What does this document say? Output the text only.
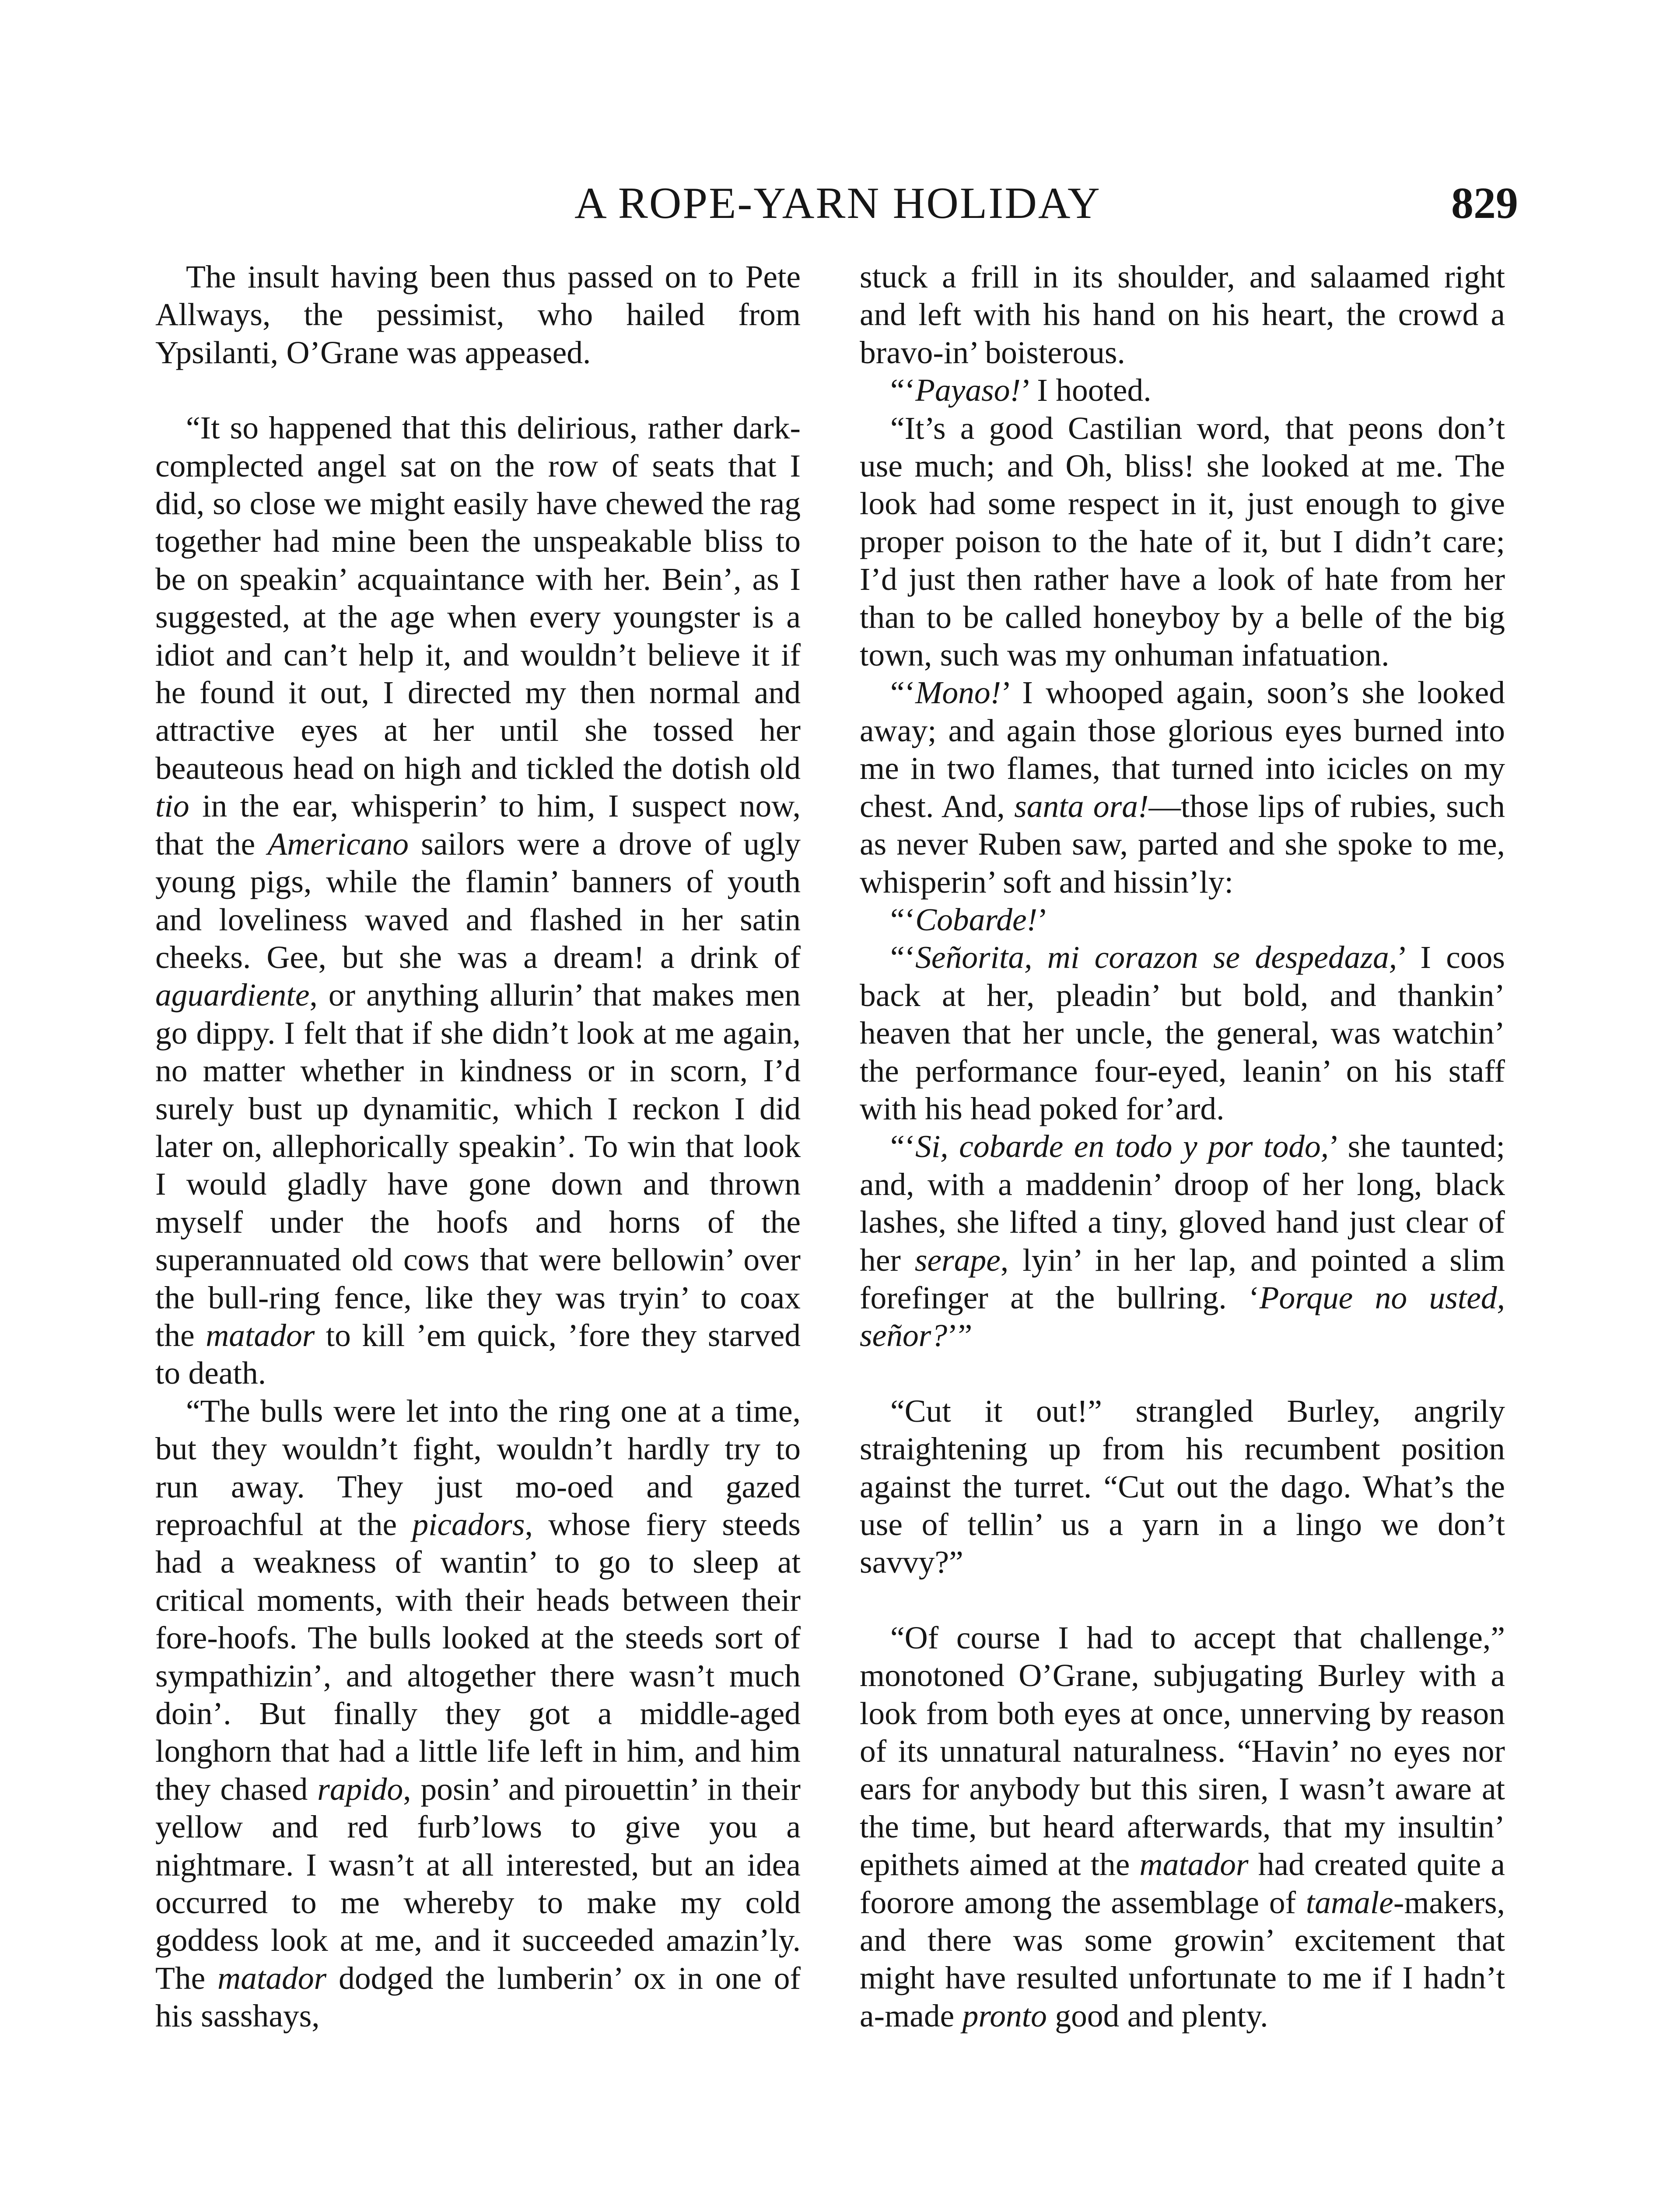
A ROPE-YARN HOLIDAY	829

The insult having been thus passed on to Pete Allways, the pessimist, who hailed from Ypsilanti, O’Grane was appeased.

“It so happened that this delirious, rather dark-complected angel sat on the row of seats that I did, so close we might easily have chewed the rag together had mine been the unspeakable bliss to be on speakin’ acquaintance with her. Bein’, as I suggested, at the age when every youngster is a idiot and can’t help it, and wouldn’t believe it if he found it out, I directed my then normal and attractive eyes at her until she tossed her beauteous head on high and tickled the dotish old tio in the ear, whisperin’ to him, I suspect now, that the Americano sailors were a drove of ugly young pigs, while the flamin’ banners of youth and loveliness waved and flashed in her satin cheeks. Gee, but she was a dream! a drink of aguardiente, or anything allurin’ that makes men go dippy. I felt that if she didn’t look at me again, no matter whether in kindness or in scorn, I’d surely bust up dynamitic, which I reckon I did later on, allephorically speakin’. To win that look I would gladly have gone down and thrown myself under the hoofs and horns of the superannuated old cows that were bellowin’ over the bull-ring fence, like they was tryin’ to coax the matador to kill ’em quick, ’fore they starved to death.

“The bulls were let into the ring one at a time, but they wouldn’t fight, wouldn’t hardly try to run away. They just mo-oed and gazed reproachful at the picadors, whose fiery steeds had a weakness of wantin’ to go to sleep at critical moments, with their heads between their fore-hoofs. The bulls looked at the steeds sort of sympathizin’, and altogether there wasn’t much doin’. But finally they got a middle-aged longhorn that had a little life left in him, and him they chased rapido, posin’ and pirouettin’ in their yellow and red furb’lows to give you a nightmare. I wasn’t at all interested, but an idea occurred to me whereby to make my cold goddess look at me, and it succeeded amazin’ly. The matador dodged the lumberin’ ox in one of his sasshays,

stuck a frill in its shoulder, and salaamed right and left with his hand on his heart, the crowd a bravo-in’ boisterous.

“‘Payaso!’ I hooted.

“It’s a good Castilian word, that peons don’t use much; and Oh, bliss! she looked at me. The look had some respect in it, just enough to give proper poison to the hate of it, but I didn’t care; I’d just then rather have a look of hate from her than to be called honeyboy by a belle of the big town, such was my onhuman infatuation.

“‘Mono!’ I whooped again, soon’s she looked away; and again those glorious eyes burned into me in two flames, that turned into icicles on my chest. And, santa ora!—those lips of rubies, such as never Ruben saw, parted and she spoke to me, whisperin’ soft and hissin’ly:

“‘Cobarde!’

“‘Señorita, mi corazon se despedaza,’ I coos back at her, pleadin’ but bold, and thankin’ heaven that her uncle, the general, was watchin’ the performance four-eyed, leanin’ on his staff with his head poked for’ard.

“‘Si, cobarde en todo y por todo,’ she taunted; and, with a maddenin’ droop of her long, black lashes, she lifted a tiny, gloved hand just clear of her serape, lyin’ in her lap, and pointed a slim forefinger at the bullring. ‘Porque no usted, señor?’”

“Cut it out!” strangled Burley, angrily straightening up from his recumbent position against the turret. “Cut out the dago. What’s the use of tellin’ us a yarn in a lingo we don’t savvy?”

“Of course I had to accept that challenge,” monotoned O’Grane, subjugating Burley with a look from both eyes at once, unnerving by reason of its unnatural naturalness. “Havin’ no eyes nor ears for anybody but this siren, I wasn’t aware at the time, but heard afterwards, that my insultin’ epithets aimed at the matador had created quite a foorore among the assemblage of tamale-makers, and there was some growin’ excitement that might have resulted unfortunate to me if I hadn’t a-made pronto good and plenty.
